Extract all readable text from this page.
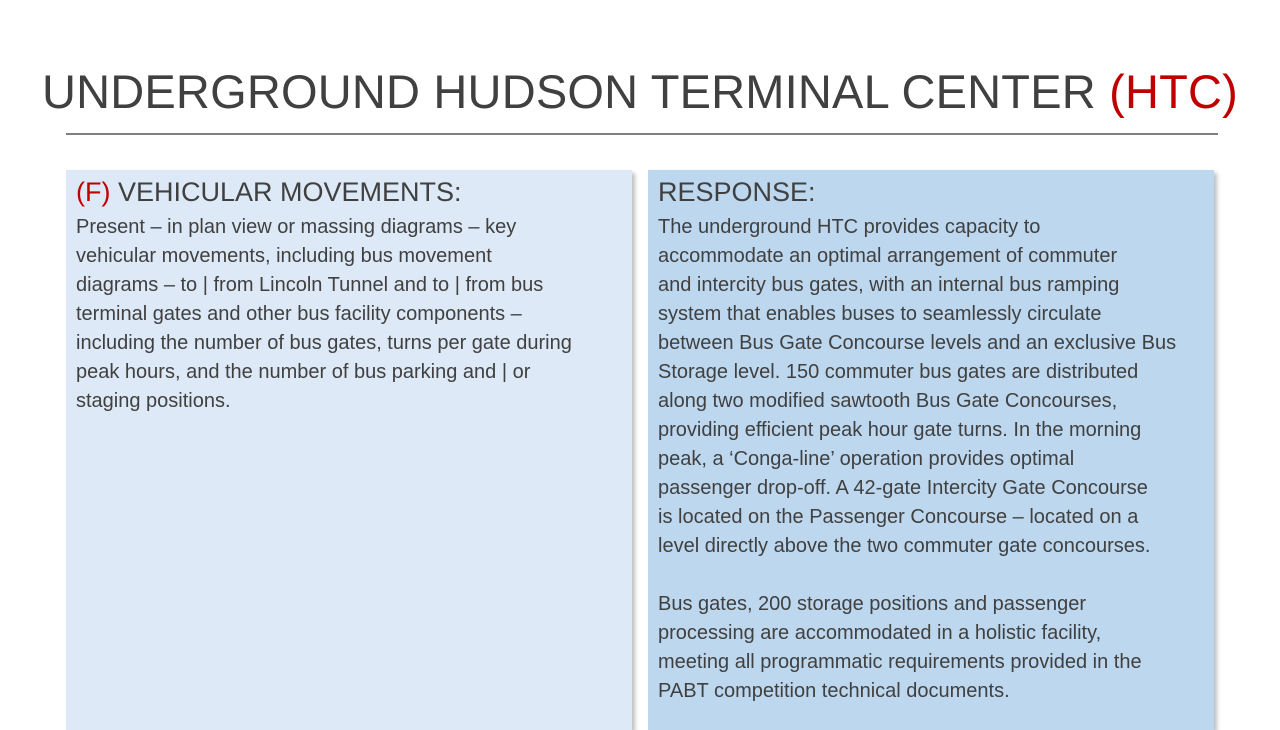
UNDERGROUND HUDSON TERMINAL CENTER (HTC)
(F) VEHICULAR MOVEMENTS:

Present – in plan view or massing diagrams – key
vehicular movements, including bus movement
diagrams – to | from Lincoln Tunnel and to | from bus
terminal gates and other bus facility components –
including the number of bus gates, turns per gate during
peak hours, and the number of bus parking and | or
staging positions.

RESPONSE:

The underground HTC provides capacity to
accommodate an optimal arrangement of commuter
and intercity bus gates, with an internal bus ramping
system that enables buses to seamlessly circulate
between Bus Gate Concourse levels and an exclusive Bus
Storage level. 150 commuter bus gates are distributed
along two modified sawtooth Bus Gate Concourses,
providing efficient peak hour gate turns. In the morning
peak, a ‘Conga-line’ operation provides optimal
passenger drop-off. A 42-gate Intercity Gate Concourse
is located on the Passenger Concourse – located on a
level directly above the two commuter gate concourses.

Bus gates, 200 storage positions and passenger
processing are accommodated in a holistic facility,
meeting all programmatic requirements provided in the
PABT competition technical documents.
